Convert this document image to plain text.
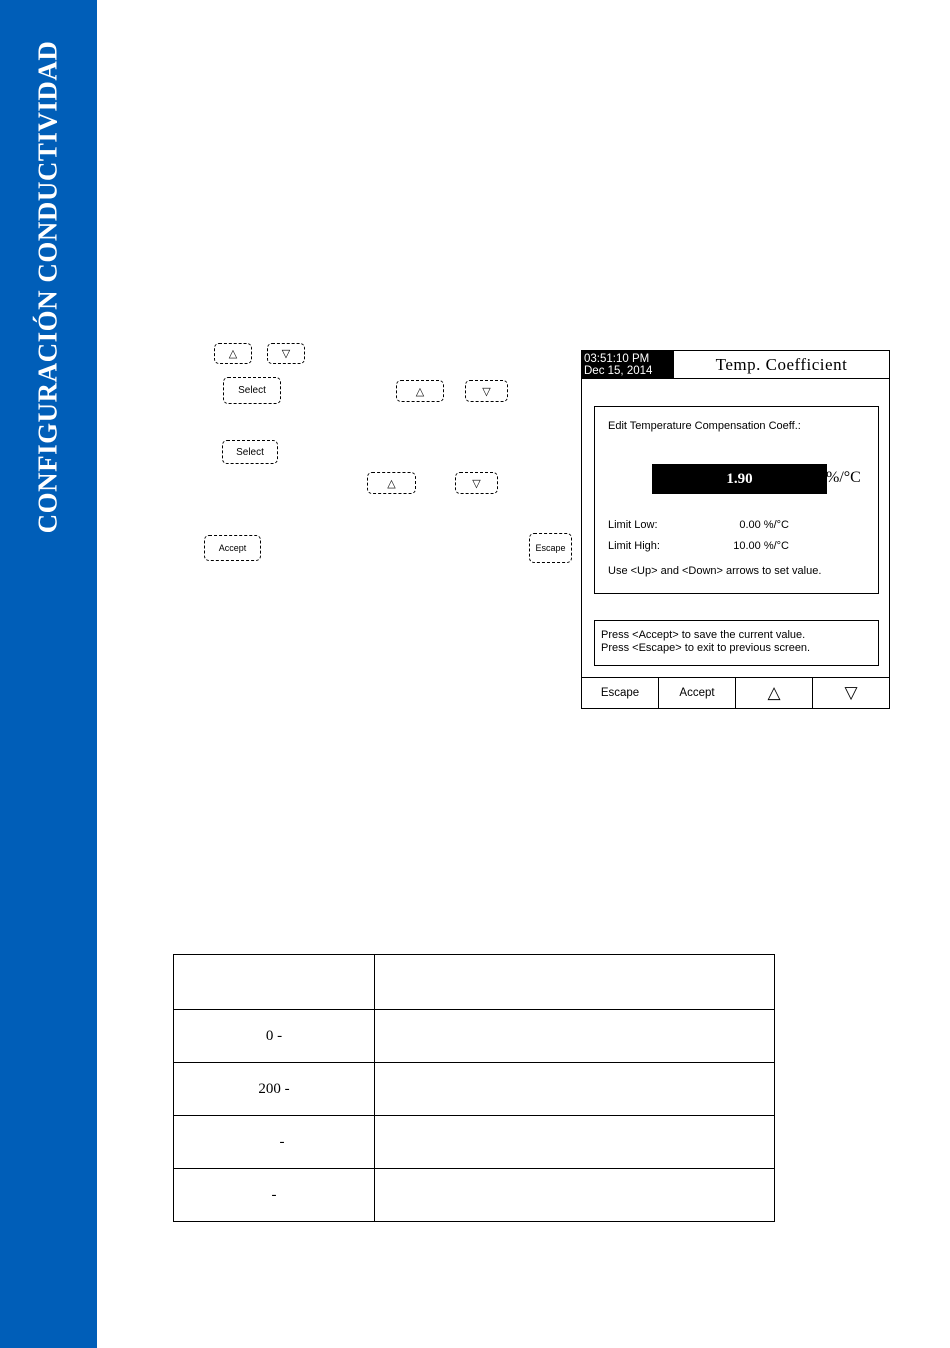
CONFIGURACIÓN CONDUCTIVIDAD	△	▽
Select	△	▽
Select
△	▽
Accept	Escape
03:51:10 PM
Dec 15, 2014	Temp. Coefficient
Edit Temperature Compensation Coeff.:
1.90	%/°C
Limit Low:	0.00 %/°C
Limit High:	10.00 %/°C
Use <Up> and <Down> arrows to set value.
Press <Accept> to save the current value.
Press <Escape> to exit to previous screen.
Escape	Accept	△	▽

0 -	
200 -	
-	
-	
